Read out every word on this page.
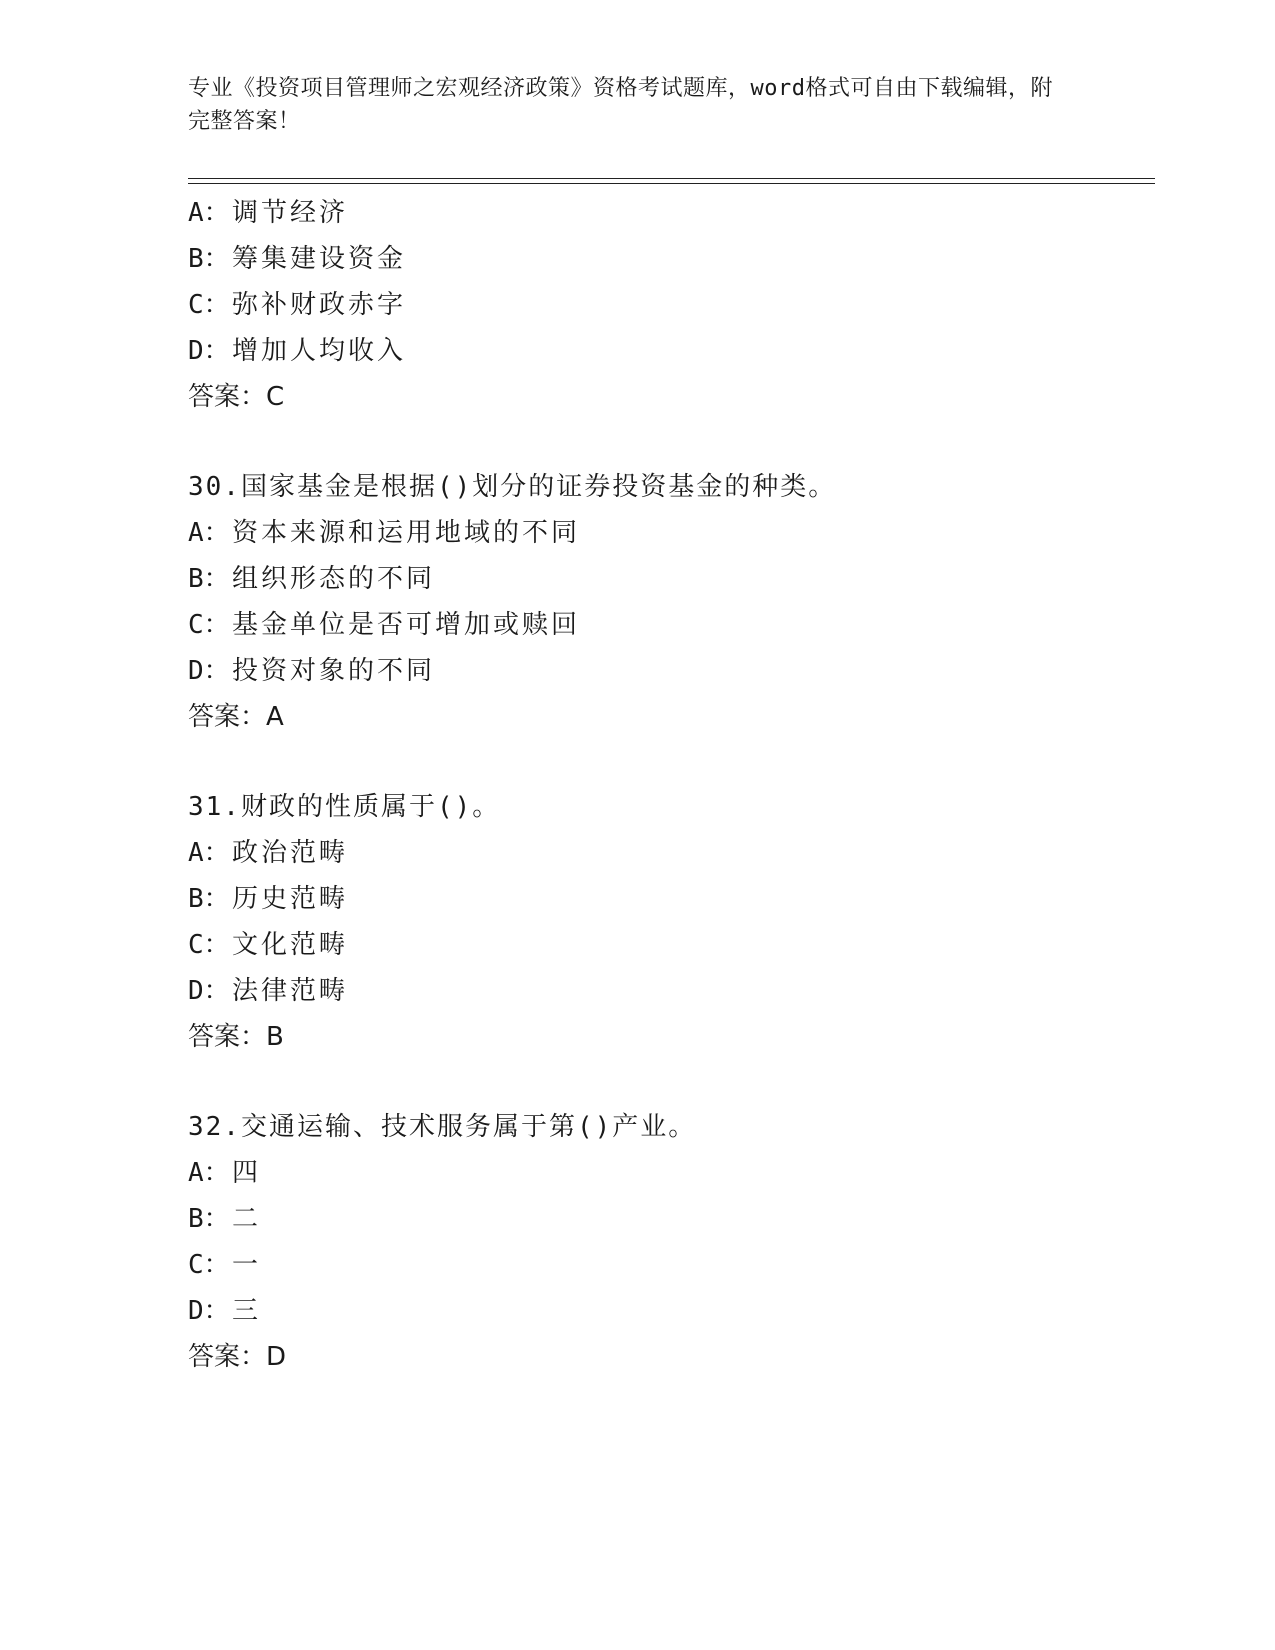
专业《投资项目管理师之宏观经济政策》资格考试题库，word格式可自由下载编辑，附完整答案！
A：调节经济
B：筹集建设资金
C：弥补财政赤字
D：增加人均收入
答案：C
30.国家基金是根据()划分的证券投资基金的种类。
A：资本来源和运用地域的不同
B：组织形态的不同
C：基金单位是否可增加或赎回
D：投资对象的不同
答案：A
31.财政的性质属于()。
A：政治范畴
B：历史范畴
C：文化范畴
D：法律范畴
答案：B
32.交通运输、技术服务属于第()产业。
A：四
B：二
C：一
D：三
答案：D
